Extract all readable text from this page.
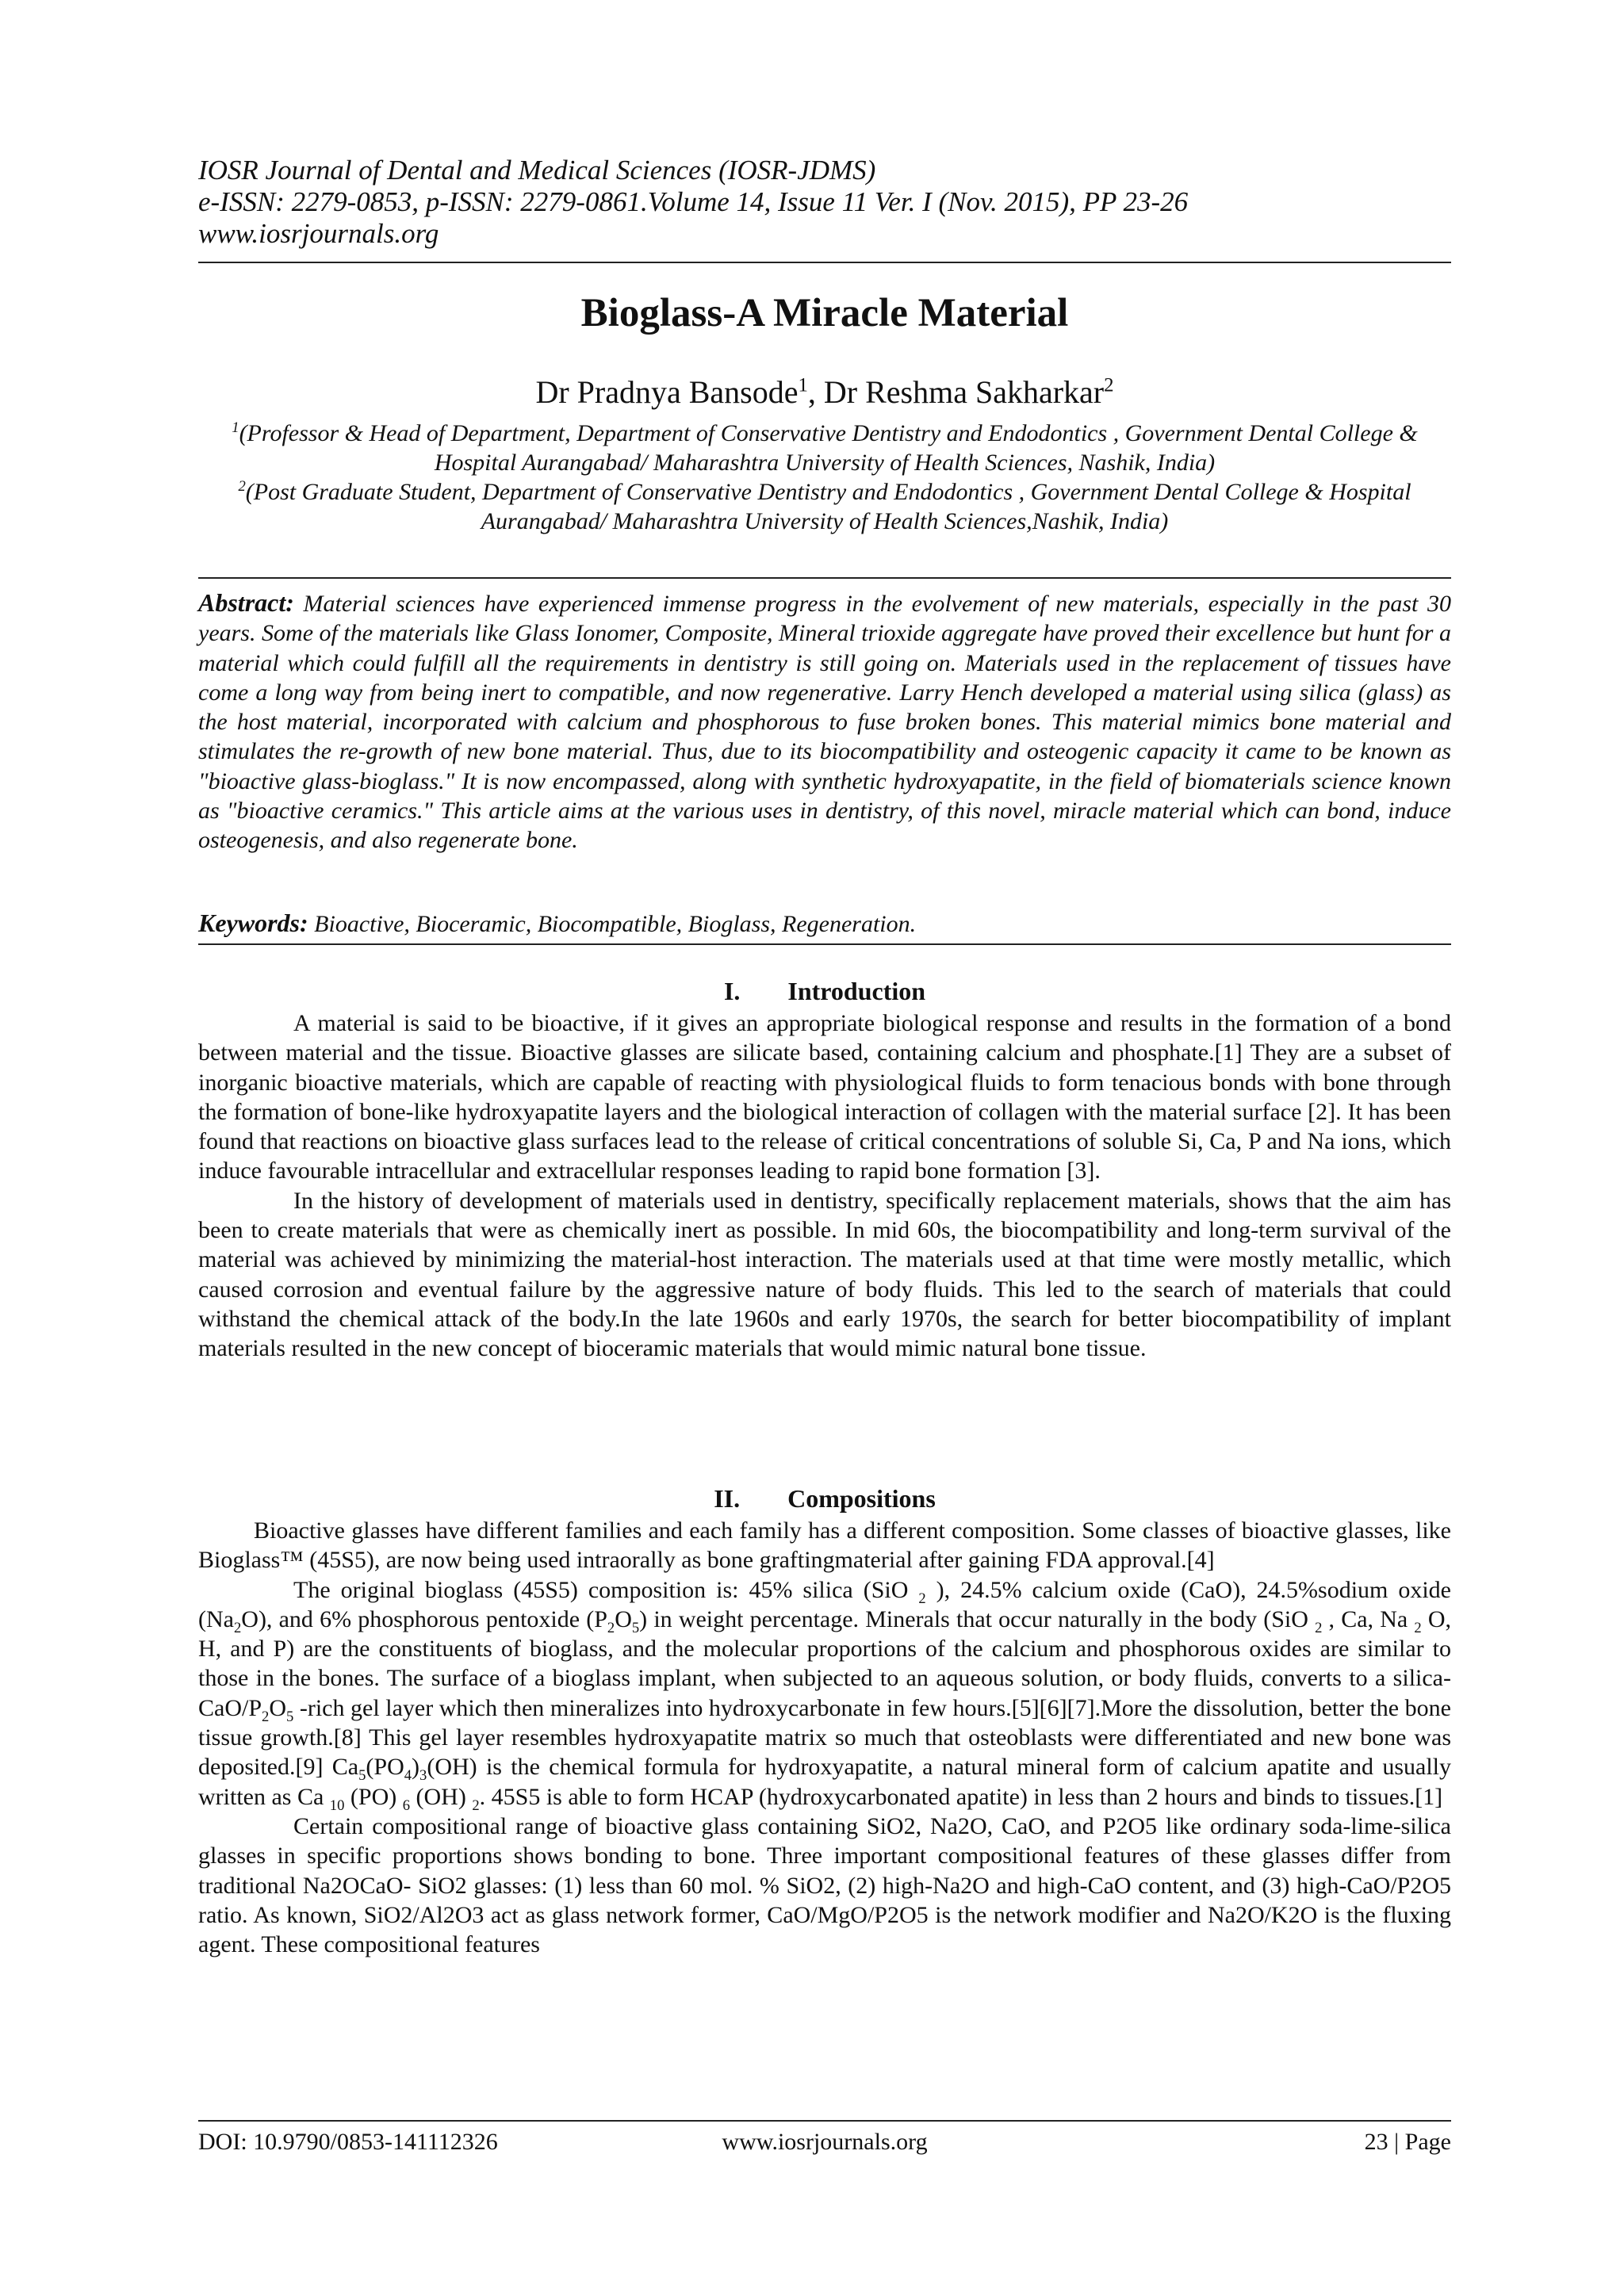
IOSR Journal of Dental and Medical Sciences (IOSR-JDMS)
e-ISSN: 2279-0853, p-ISSN: 2279-0861.Volume 14, Issue 11 Ver. I (Nov. 2015), PP 23-26
www.iosrjournals.org
Bioglass-A Miracle Material
Dr Pradnya Bansode$^1$, Dr Reshma Sakharkar$^2$

$^1$(Professor & Head of Department, Department of Conservative Dentistry and Endodontics , Government Dental College & Hospital Aurangabad/ Maharashtra University of Health Sciences, Nashik, India)

$^2$(Post Graduate Student, Department of Conservative Dentistry and Endodontics , Government Dental College & Hospital Aurangabad/ Maharashtra University of Health Sciences,Nashik, India)

Abstract: Material sciences have experienced immense progress in the evolvement of new materials, especially in the past 30 years. Some of the materials like Glass Ionomer, Composite, Mineral trioxide aggregate have proved their excellence but hunt for a material which could fulfill all the requirements in dentistry is still going on. Materials used in the replacement of tissues have come a long way from being inert to compatible, and now regenerative. Larry Hench developed a material using silica (glass) as the host material, incorporated with calcium and phosphorous to fuse broken bones. This material mimics bone material and stimulates the re-growth of new bone material. Thus, due to its biocompatibility and osteogenic capacity it came to be known as "bioactive glass-bioglass." It is now encompassed, along with synthetic hydroxyapatite, in the field of biomaterials science known as "bioactive ceramics." This article aims at the various uses in dentistry, of this novel, miracle material which can bond, induce osteogenesis, and also regenerate bone.
Keywords: Bioactive, Bioceramic, Biocompatible, Bioglass, Regeneration.
I. Introduction

A material is said to be bioactive, if it gives an appropriate biological response and results in the formation of a bond between material and the tissue. Bioactive glasses are silicate based, containing calcium and phosphate.[1] They are a subset of inorganic bioactive materials, which are capable of reacting with physiological fluids to form tenacious bonds with bone through the formation of bone-like hydroxyapatite layers and the biological interaction of collagen with the material surface [2]. It has been found that reactions on bioactive glass surfaces lead to the release of critical concentrations of soluble Si, Ca, P and Na ions, which induce favourable intracellular and extracellular responses leading to rapid bone formation [3].

In the history of development of materials used in dentistry, specifically replacement materials, shows that the aim has been to create materials that were as chemically inert as possible. In mid 60s, the biocompatibility and long-term survival of the material was achieved by minimizing the material-host interaction. The materials used at that time were mostly metallic, which caused corrosion and eventual failure by the aggressive nature of body fluids. This led to the search of materials that could withstand the chemical attack of the body.In the late 1960s and early 1970s, the search for better biocompatibility of implant materials resulted in the new concept of bioceramic materials that would mimic natural bone tissue.

II. Compositions

Bioactive glasses have different families and each family has a different composition. Some classes of bioactive glasses, like Bioglass™ (45S5), are now being used intraorally as bone graftingmaterial after gaining FDA approval.[4]

The original bioglass (45S5) composition is: 45% silica (SiO $_2$ ), 24.5% calcium oxide (CaO), 24.5%sodium oxide $(Na_2O)$, and 6% phosphorous pentoxide $(P_2O_5)$ in weight percentage. Minerals that occur naturally in the body (SiO $_2$ , Ca, Na $_2$ O, H, and P) are the constituents of bioglass, and the molecular proportions of the calcium and phosphorous oxides are similar to those in the bones. The surface of a bioglass implant, when subjected to an aqueous solution, or body fluids, converts to a silica-$CaO/P_2O_5$ -rich gel layer which then mineralizes into hydroxycarbonate in few hours.[5][6][7].More the dissolution, better the bone tissue growth.[8] This gel layer resembles hydroxyapatite matrix so much that osteoblasts were differentiated and new bone was deposited.[9] $Ca_5(PO_4)_3(OH)$ is the chemical formula for hydroxyapatite, a natural mineral form of calcium apatite and usually written as Ca $_{10}$ (PO) $_6$ (OH) $_2$. 45S5 is able to form HCAP (hydroxycarbonated apatite) in less than 2 hours and binds to tissues.[1]

Certain compositional range of bioactive glass containing SiO2, Na2O, CaO, and P2O5 like ordinary soda-lime-silica glasses in specific proportions shows bonding to bone. Three important compositional features of these glasses differ from traditional Na2OCaO- SiO2 glasses: (1) less than 60 mol. % SiO2, (2) high-Na2O and high-CaO content, and (3) high-CaO/P2O5 ratio. As known, SiO2/Al2O3 act as glass network former, CaO/MgO/P2O5 is the network modifier and Na2O/K2O is the fluxing agent. These compositional features

DOI: 10.9790/0853-141112326	www.iosrjournals.org	23 | Page
